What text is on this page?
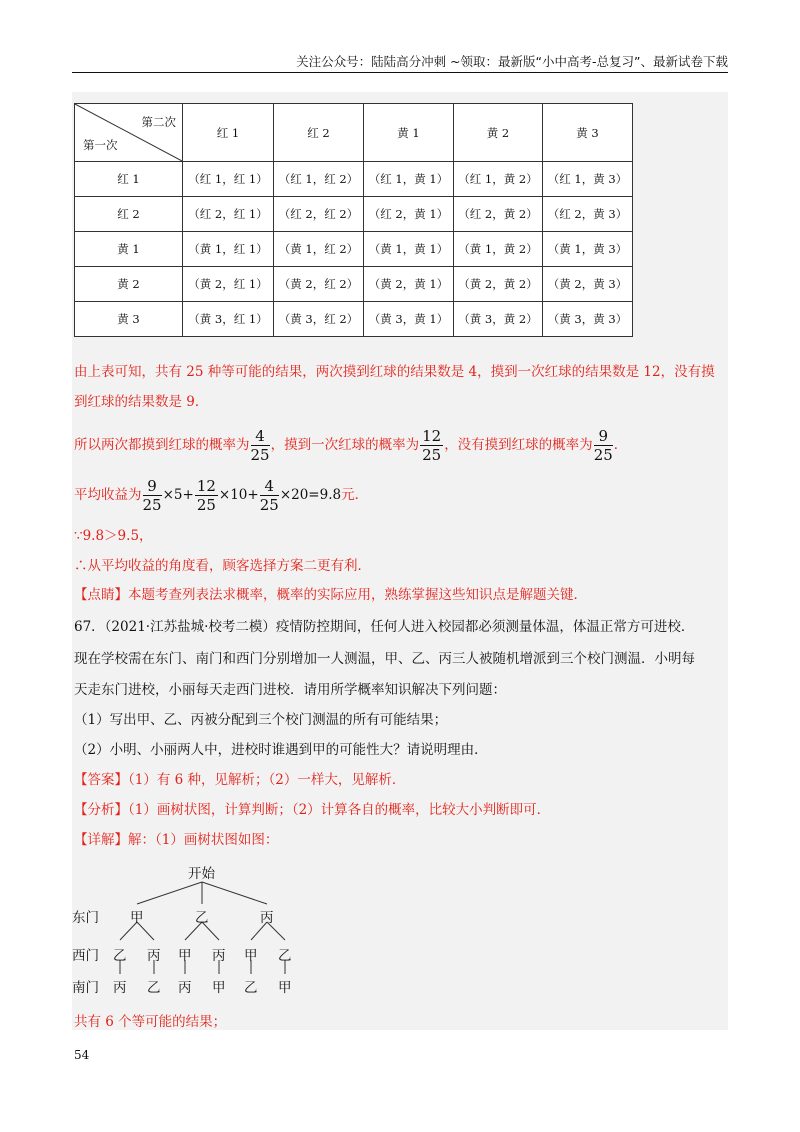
关注公众号：陆陆高分冲刺 ~领取：最新版“小中高考-总复习”、最新试卷下载
第二次
第一次	红 1	红 2	黄 1	黄 2	黄 3
红 1	（红 1，红 1）	（红 1，红 2）	（红 1，黄 1）	（红 1，黄 2）	（红 1，黄 3）
红 2	（红 2，红 1）	（红 2，红 2）	（红 2，黄 1）	（红 2，黄 2）	（红 2，黄 3）
黄 1	（黄 1，红 1）	（黄 1，红 2）	（黄 1，黄 1）	（黄 1，黄 2）	（黄 1，黄 3）
黄 2	（黄 2，红 1）	（黄 2，红 2）	（黄 2，黄 1）	（黄 2，黄 2）	（黄 2，黄 3）
黄 3	（黄 3，红 1）	（黄 3，红 2）	（黄 3，黄 1）	（黄 3，黄 2）	（黄 3，黄 3）
由上表可知，共有 25 种等可能的结果，两次摸到红球的结果数是 4，摸到一次红球的结果数是 12，没有摸
到红球的结果数是 9．
所以两次都摸到红球的概率为 $\frac{4}{25}$ ，摸到一次红球的概率为 $\frac{12}{25}$ ，没有摸到红球的概率为 $\frac{9}{25}$ ．
平均收益为 $\frac{9}{25} \times 5+ \frac{12}{25} \times 10+ \frac{4}{25} \times 20=9.8$元．
∵9.8＞9.5，
∴从平均收益的角度看，顾客选择方案二更有利．
【点睛】本题考查列表法求概率，概率的实际应用，熟练掌握这些知识点是解题关键．
67．（2021·江苏盐城·校考二模）疫情防控期间，任何人进入校园都必须测量体温，体温正常方可进校．
现在学校需在东门、南门和西门分别增加一人测温，甲、乙、丙三人被随机增派到三个校门测温．小明每
天走东门进校，小丽每天走西门进校．请用所学概率知识解决下列问题：
（1）写出甲、乙、丙被分配到三个校门测温的所有可能结果；
（2）小明、小丽两人中，进校时谁遇到甲的可能性大？请说明理由．
【答案】（1）有 6 种，见解析；（2）一样大，见解析．
【分析】（1）画树状图，计算判断；（2）计算各自的概率，比较大小判断即可．
【详解】解：（1）画树状图如图：
开始
东门
西门
南门
甲	乙	丙
乙 丙 甲 丙 甲 乙
丙 乙 丙 甲 乙 甲
共有 6 个等可能的结果；
54
